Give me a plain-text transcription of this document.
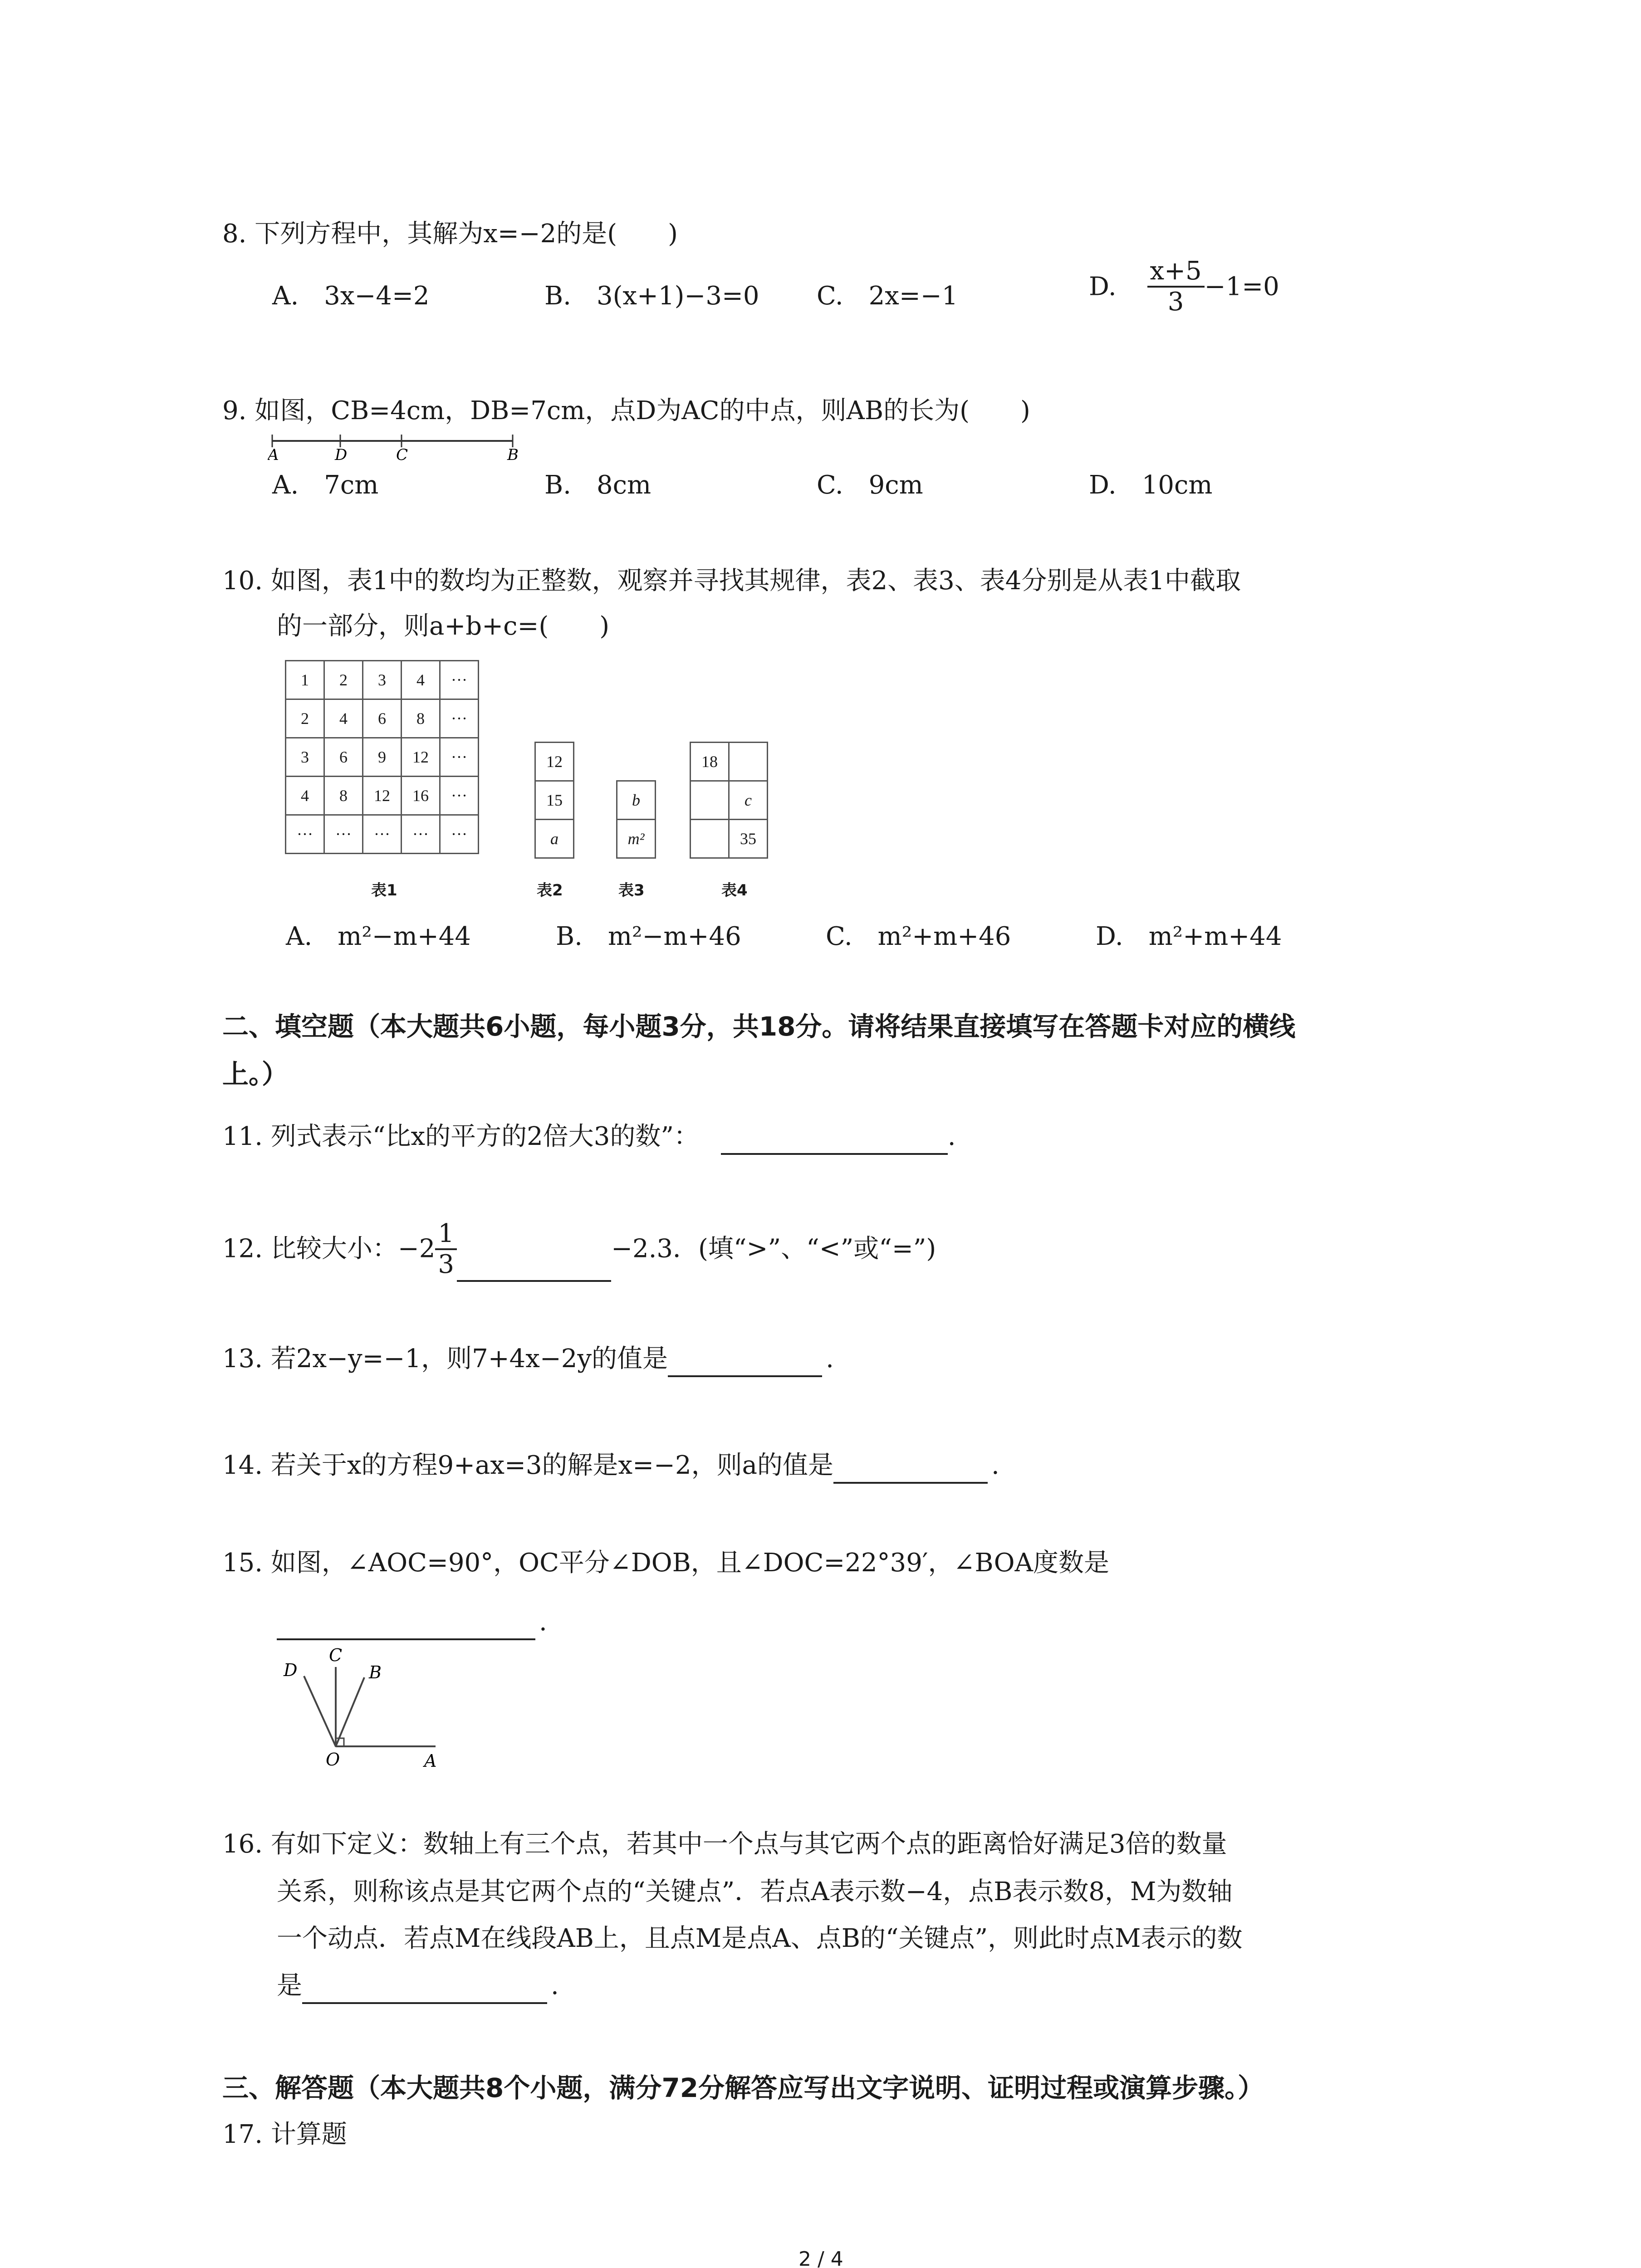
8. 下列方程中，其解为x=−2的是(　　)
A.　3x−4=2	B.　3(x+1)−3=0 C.　2x=−1	D. $\frac{x+5}{3} -1=0$
9. 如图，CB=4cm，DB=7cm，点D为AC的中点，则AB的长为(　　)
A	D	C	B
A.　7cm	B.　8cm	C.　9cm	D.　10cm
10. 如图，表1中的数均为正整数，观察并寻找其规律，表2、表3、表4分别是从表1中截取
的一部分，则a+b+c=(　　)
1	2	3	4	···
2	4	6	8	···
3	6	9	12	···
4	8	12	16	···
···	···	···	···	···
12
15
a
b
m²
18	
	c
	35
表1	表2	表3	表4
A.　m²−m+44	B.　m²−m+46	C.　m²+m+46	D.　m²+m+44
二、填空题（本大题共6小题，每小题3分，共18分。请将结果直接填写在答题卡对应的横线
上。）
11. 列式表示“比x的平方的2倍大3的数”：	.
12. 比较大小：$-2 \frac{1}{3}$	−2.3．(填“>”、“<”或“=”)
13. 若2x−y=−1，则7+4x−2y的值是	.
14. 若关于x的方程9+ax=3的解是x=−2，则a的值是	.
15. 如图，∠AOC=90°，OC平分∠DOB，且∠DOC=22°39′，∠BOA度数是
.
D
C
B
O	A
16. 有如下定义：数轴上有三个点，若其中一个点与其它两个点的距离恰好满足3倍的数量
关系，则称该点是其它两个点的“关键点”．若点A表示数−4，点B表示数8，M为数轴
一个动点．若点M在线段AB上，且点M是点A、点B的“关键点”，则此时点M表示的数
是	.
三、解答题（本大题共8个小题，满分72分解答应写出文字说明、证明过程或演算步骤。）
17. 计算题
2 / 4
